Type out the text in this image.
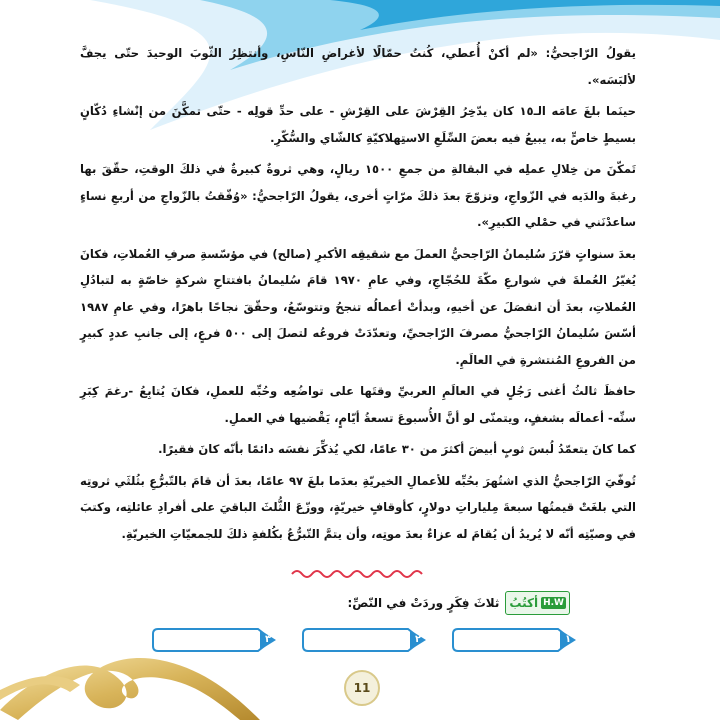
يقولُ الرّاجحيُّ: «لم أكنْ أُعطي، كُنتُ حمّالًا لأغراضِ النّاسِ، وأنتظِرُ الثّوبَ الوحيدَ حتّى يجفَّ لألبَسَه».

حينَما بلغَ عامَه الـ١٥ كان يدّخِرُ القِرْشَ على القِرْشِ - على حدِّ قولِه - حتّى تمكَّنَ من إنْشاءِ دُكّانٍ بسيطٍ خاصٍّ به، يبيعُ فيه بعضَ السِّلَعِ الاستِهلاكيّةِ كالشّاي والسُّكّرِ.

تَمكّنَ من خِلالِ عملِه في البقالةِ من جمعِ ١٥٠٠ ريالٍ، وهي ثروةٌ كبيرةٌ في ذلكَ الوقتِ، حقّقَ بها رغبةَ والدَيه في الزّواجِ، وتزوّجَ بعدَ ذلكَ مرّاتٍ أخرى، يقولُ الرّاجحيُّ: «وُفّقتُ بالزّواجِ من أربعِ نساءٍ ساعدْنَني في حمْلي الكبيرِ».

بعدَ سنواتٍ قرّرَ سُليمانُ الرّاجحيُّ العملَ مع شقيقِه الأكبرِ (صالح) في مؤسّسةِ صرفِ العُملاتِ، فكانَ يُغيّرُ العُملةَ في شوارعِ مكّةَ للحُجّاجِ، وفي عامِ ١٩٧٠ قامَ سُليمانُ بافتتاحِ شركةٍ خاصّةٍ به لتبادُلِ العُملاتِ، بعدَ أن انفصَلَ عن أخيهِ، وبدأتْ أعمالُه تنجحُ وتتوسّعُ، وحقّقَ نجاحًا باهرًا، وفي عامِ ١٩٨٧ أسّسَ سُليمانُ الرّاجحيُّ مصرفَ الرّاجحيِّ، وتعدّدَتْ فروعُه لتصلَ إلى ٥٠٠ فرعٍ، إلى جانبِ عددٍ كبيرٍ من الفروعِ المُنتشرةِ في العالَمِ.

حافظَ ثالثُ أغنى رَجُلٍ في العالَمِ العربيِّ وقتَها على تواضُعِه وحُبِّه للعملِ، فكانَ يُتابِعُ -رغمَ كِبَرِ سنِّه- أعمالَه بشغفٍ، ويتمنّى لو أنَّ الأُسبوعَ تسعةُ أيّامٍ، يَقْضيها في العملِ.

كما كانَ يتعمّدُ لُبسَ ثوبٍ أبيضَ أكثرَ من ٣٠ عامًا، لكي يُذكِّرَ نفسَه دائمًا بأنّه كانَ فقيرًا.

تُوفّيَ الرّاجحيُّ الذي اشتُهرَ بحُبِّه للأعمالِ الخيريّةِ بعدَما بلغَ ٩٧ عامًا، بعدَ أن قامَ بالتّبرُّعِ بثُلثَي ثروتِه التي بلغَتْ قيمتُها سبعةَ مِلياراتِ دولارٍ، كأوقافٍ خيريّةٍ، ووزّعَ الثُّلثَ الباقيَ على أفرادِ عائلتِه، وكتبَ في وصيّتِه أنّه لا يُريدُ أن يُقامَ له عزاءٌ بعدَ موتِه، وأن يتمَّ التّبرُّعُ بكُلفةِ ذلكَ للجمعيّاتِ الخيريّةِ.

H.W
أكتُبُ
ثلاثَ فِكَرٍ وردَتْ في النّصِّ:
١
٢
٣
11
